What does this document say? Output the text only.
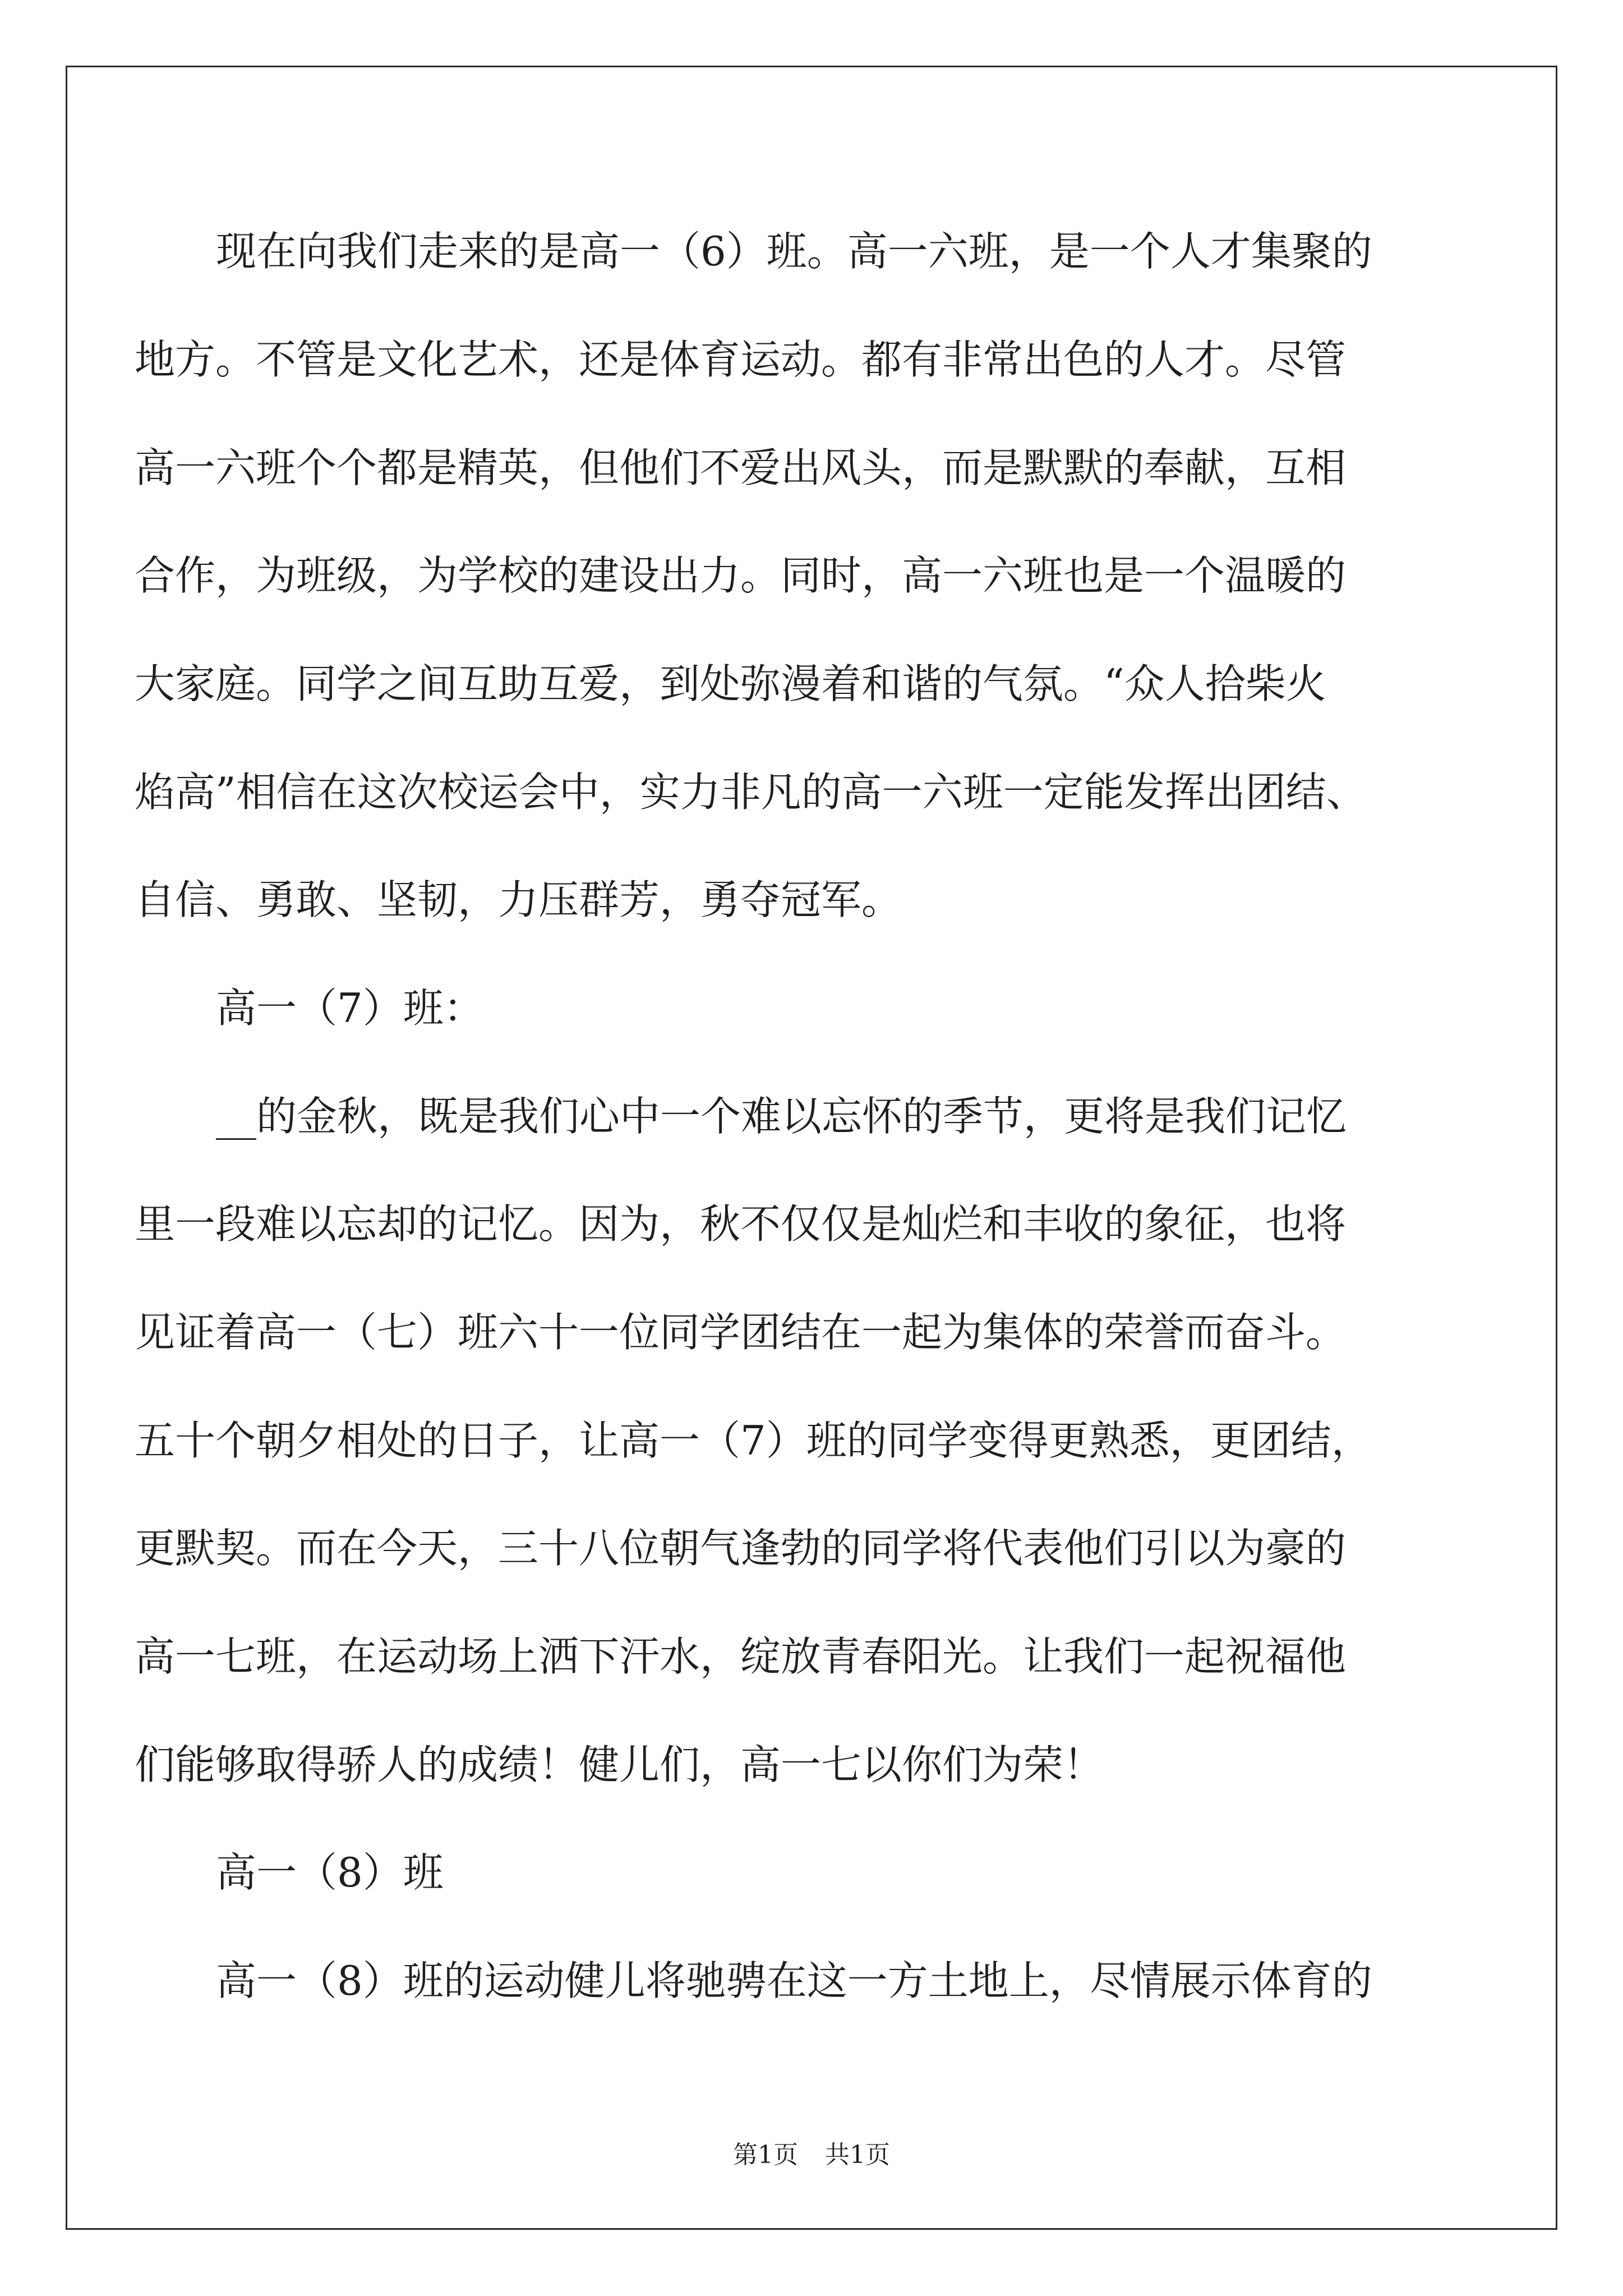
现在向我们走来的是高一（6）班。高一六班，是一个人才集聚的
地方。不管是文化艺术，还是体育运动。都有非常出色的人才。尽管
高一六班个个都是精英，但他们不爱出风头，而是默默的奉献，互相
合作，为班级，为学校的建设出力。同时，高一六班也是一个温暖的
大家庭。同学之间互助互爱，到处弥漫着和谐的气氛。“众人拾柴火
焰高”相信在这次校运会中，实力非凡的高一六班一定能发挥出团结、
自信、勇敢、坚韧，力压群芳，勇夺冠军。
高一（7）班：
__的金秋，既是我们心中一个难以忘怀的季节，更将是我们记忆
里一段难以忘却的记忆。因为，秋不仅仅是灿烂和丰收的象征，也将
见证着高一（七）班六十一位同学团结在一起为集体的荣誉而奋斗。
五十个朝夕相处的日子，让高一（7）班的同学变得更熟悉，更团结，
更默契。而在今天，三十八位朝气逢勃的同学将代表他们引以为豪的
高一七班，在运动场上洒下汗水，绽放青春阳光。让我们一起祝福他
们能够取得骄人的成绩！健儿们，高一七以你们为荣！
高一（8）班
高一（8）班的运动健儿将驰骋在这一方土地上，尽情展示体育的
第1页 共1页
